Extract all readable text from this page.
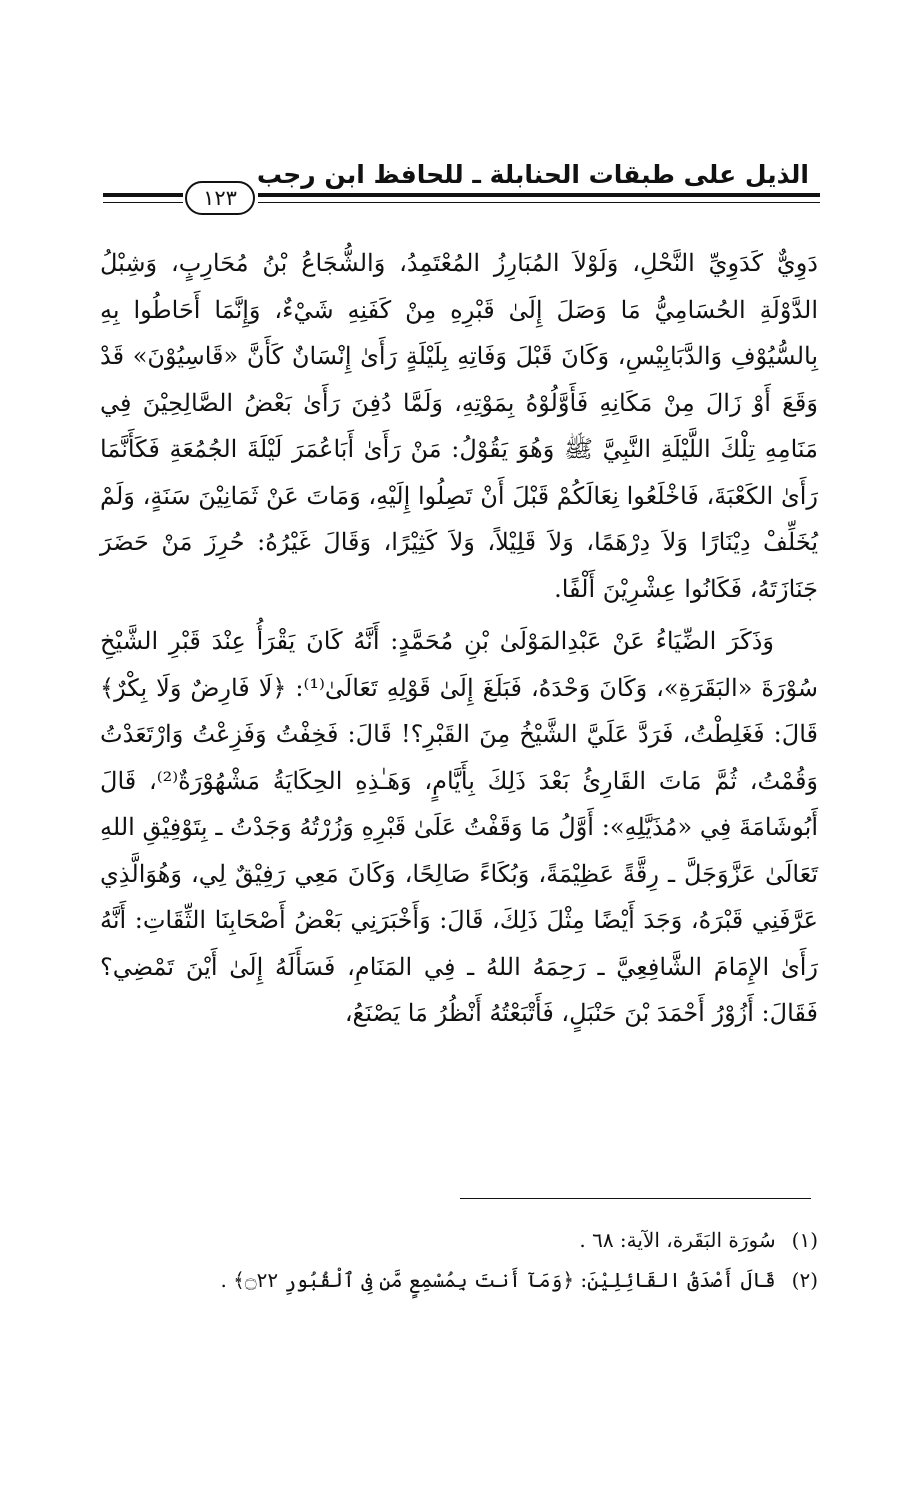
الذيل على طبقات الحنابلة ـ للحافظ ابن رجب
١٢٣

دَوِيٌّ كَدَوِيِّ النَّحْلِ، وَلَوْلاَ المُبَارِزُ المُعْتَمِدُ، وَالشُّجَاعُ بْنُ مُحَارِبٍ، وَشِبْلُ الدَّوْلَةِ الحُسَامِيُّ مَا وَصَلَ إِلَىٰ قَبْرِهِ مِنْ كَفَنِهِ شَيْءٌ، وَإِنَّمَا أَحَاطُوا بِهِ بِالسُّيُوْفِ وَالدَّبَابِيْسِ، وَكَانَ قَبْلَ وَفَاتِهِ بِلَيْلَةٍ رَأَىٰ إِنْسَانٌ كَأَنَّ «قَاسِيُوْنَ» قَدْ وَقَعَ أَوْ زَالَ مِنْ مَكَانِهِ فَأَوَّلُوْهُ بِمَوْتِهِ، وَلَمَّا دُفِنَ رَأَىٰ بَعْضُ الصَّالِحِيْنَ فِي مَنَامِهِ تِلْكَ اللَّيْلَةِ النَّبِيَّ ﷺ وَهُوَ يَقُوْلُ: مَنْ رَأَىٰ أَبَاعُمَرَ لَيْلَةَ الجُمُعَةِ فَكَأَنَّمَا رَأَىٰ الكَعْبَةَ، فَاخْلَعُوا نِعَالَكُمْ قَبْلَ أَنْ تَصِلُوا إِلَيْهِ، وَمَاتَ عَنْ ثَمَانِيْنَ سَنَةٍ، وَلَمْ يُخَلِّفْ دِيْنَارًا وَلاَ دِرْهَمًا، وَلاَ قَلِيْلاً، وَلاَ كَثِيْرًا، وَقَالَ غَيْرُهُ: حُرِزَ مَنْ حَضَرَ جَنَازَتَهُ، فَكَانُوا عِشْرِيْنَ أَلْفًا.

وَذَكَرَ الضِّيَاءُ عَنْ عَبْدِالمَوْلَىٰ بْنِ مُحَمَّدٍ: أَنَّهُ كَانَ يَقْرَأُ عِنْدَ قَبْرِ الشَّيْخِ سُوْرَةَ «البَقَرَةِ»، وَكَانَ وَحْدَهُ، فَبَلَغَ إِلَىٰ قَوْلِهِ تَعَالَىٰ⁽¹⁾: ﴿لَا فَارِضٌ وَلَا بِكْرٌ﴾ قَالَ: فَغَلِطْتُ، فَرَدَّ عَلَيَّ الشَّيْخُ مِنَ القَبْرِ؟! قَالَ: فَخِفْتُ وَفَزِعْتُ وَارْتَعَدْتُ وَقُمْتُ، ثُمَّ مَاتَ القَارِئُ بَعْدَ ذَلِكَ بِأَيَّامٍ، وَهَـٰذِهِ الحِكَايَةُ مَشْهُوْرَةٌ⁽²⁾، قَالَ أَبُوشَامَةَ فِي «مُذَيَّلِهِ»: أَوَّلُ مَا وَقَفْتُ عَلَىٰ قَبْرِهِ وَزُرْتُهُ وَجَدْتُ ـ بِتَوْفِيْقِ اللهِ تَعَالَىٰ عَزَّوَجَلَّ ـ رِقَّةً عَظِيْمَةً، وَبُكَاءً صَالِحًا، وَكَانَ مَعِي رَفِيْقٌ لِي، وَهُوَالَّذِي عَرَّفَنِي قَبْرَهُ، وَجَدَ أَيْضًا مِثْلَ ذَلِكَ، قَالَ: وَأَخْبَرَنِي بَعْضُ أَصْحَابِنَا الثِّقَاتِ: أَنَّهُ رَأَىٰ الإِمَامَ الشَّافِعِيَّ ـ رَحِمَهُ اللهُ ـ فِي المَنَامِ، فَسَأَلَهُ إِلَىٰ أَيْنَ تَمْضِي؟ فَقَالَ: أَزُوْرُ أَحْمَدَ بْنَ حَنْبَلٍ، فَأَتْبَعْتُهُ أَنْظُرُ مَا يَصْنَعُ،

(١) سُورَة البَقَرة، الآية: ٦٨ .
(٢) قَالَ أَصْدَقُ القَائِلِيْنَ: ﴿وَمَآ أَنتَ بِمُسْمِعٍ مَّن فِى ٱلْقُبُورِ ۝٢٢﴾ .
